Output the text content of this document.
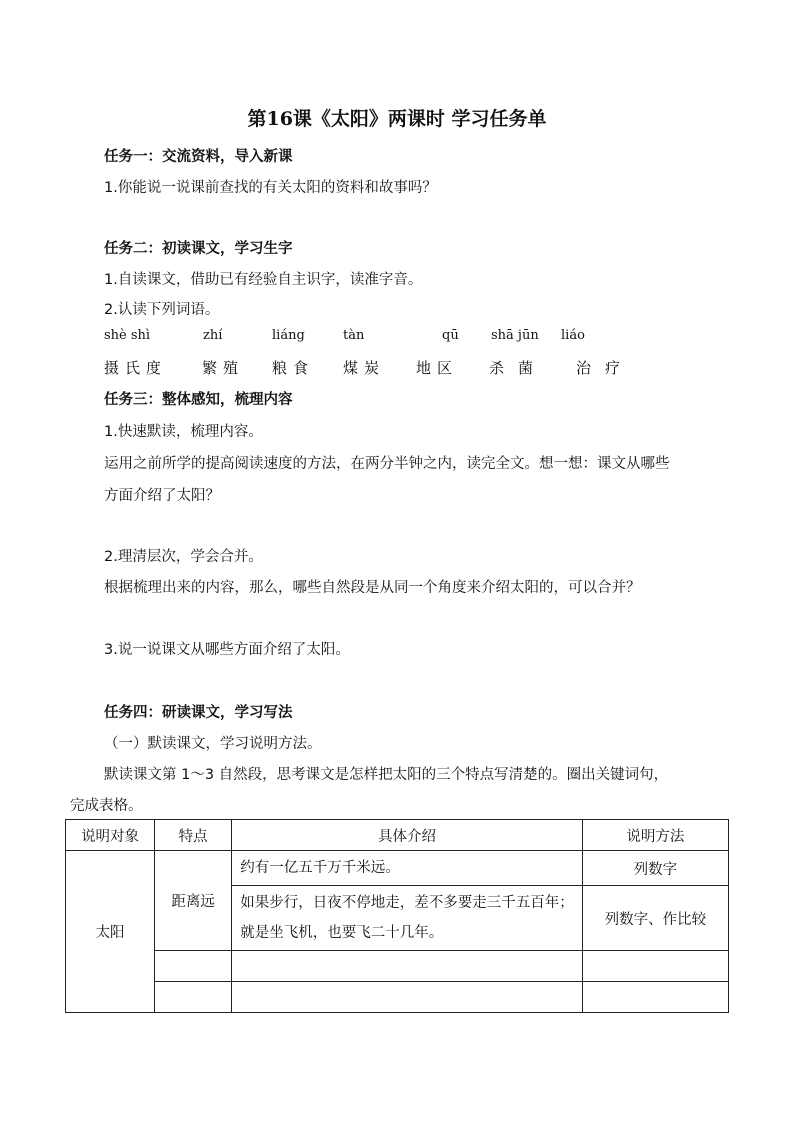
第16课《太阳》两课时 学习任务单
任务一：交流资料，导入新课
1.你能说一说课前查找的有关太阳的资料和故事吗？
任务二：初读课文，学习生字
1.自读课文，借助已有经验自主识字，读准字音。
2.认读下列词语。
shè shì	zhí	liáng	tàn	qū shā jūn liáo
摄氏度 繁殖 粮食 煤炭 地区 杀菌 治疗
任务三：整体感知，梳理内容
1.快速默读，梳理内容。
运用之前所学的提高阅读速度的方法，在两分半钟之内，读完全文。想一想：课文从哪些
方面介绍了太阳？
2.理清层次，学会合并。
根据梳理出来的内容，那么，哪些自然段是从同一个角度来介绍太阳的，可以合并？
3.说一说课文从哪些方面介绍了太阳。
任务四：研读课文，学习写法
（一）默读课文，学习说明方法。
默读课文第 1～3 自然段，思考课文是怎样把太阳的三个特点写清楚的。圈出关键词句，
完成表格。
说明对象	特点	具体介绍	说明方法
太阳	距离远	约有一亿五千万千米远。	列数字
		如果步行，日夜不停地走，差不多要走三千五百年；就是坐飞机，也要飞二十几年。	列数字、作比较
